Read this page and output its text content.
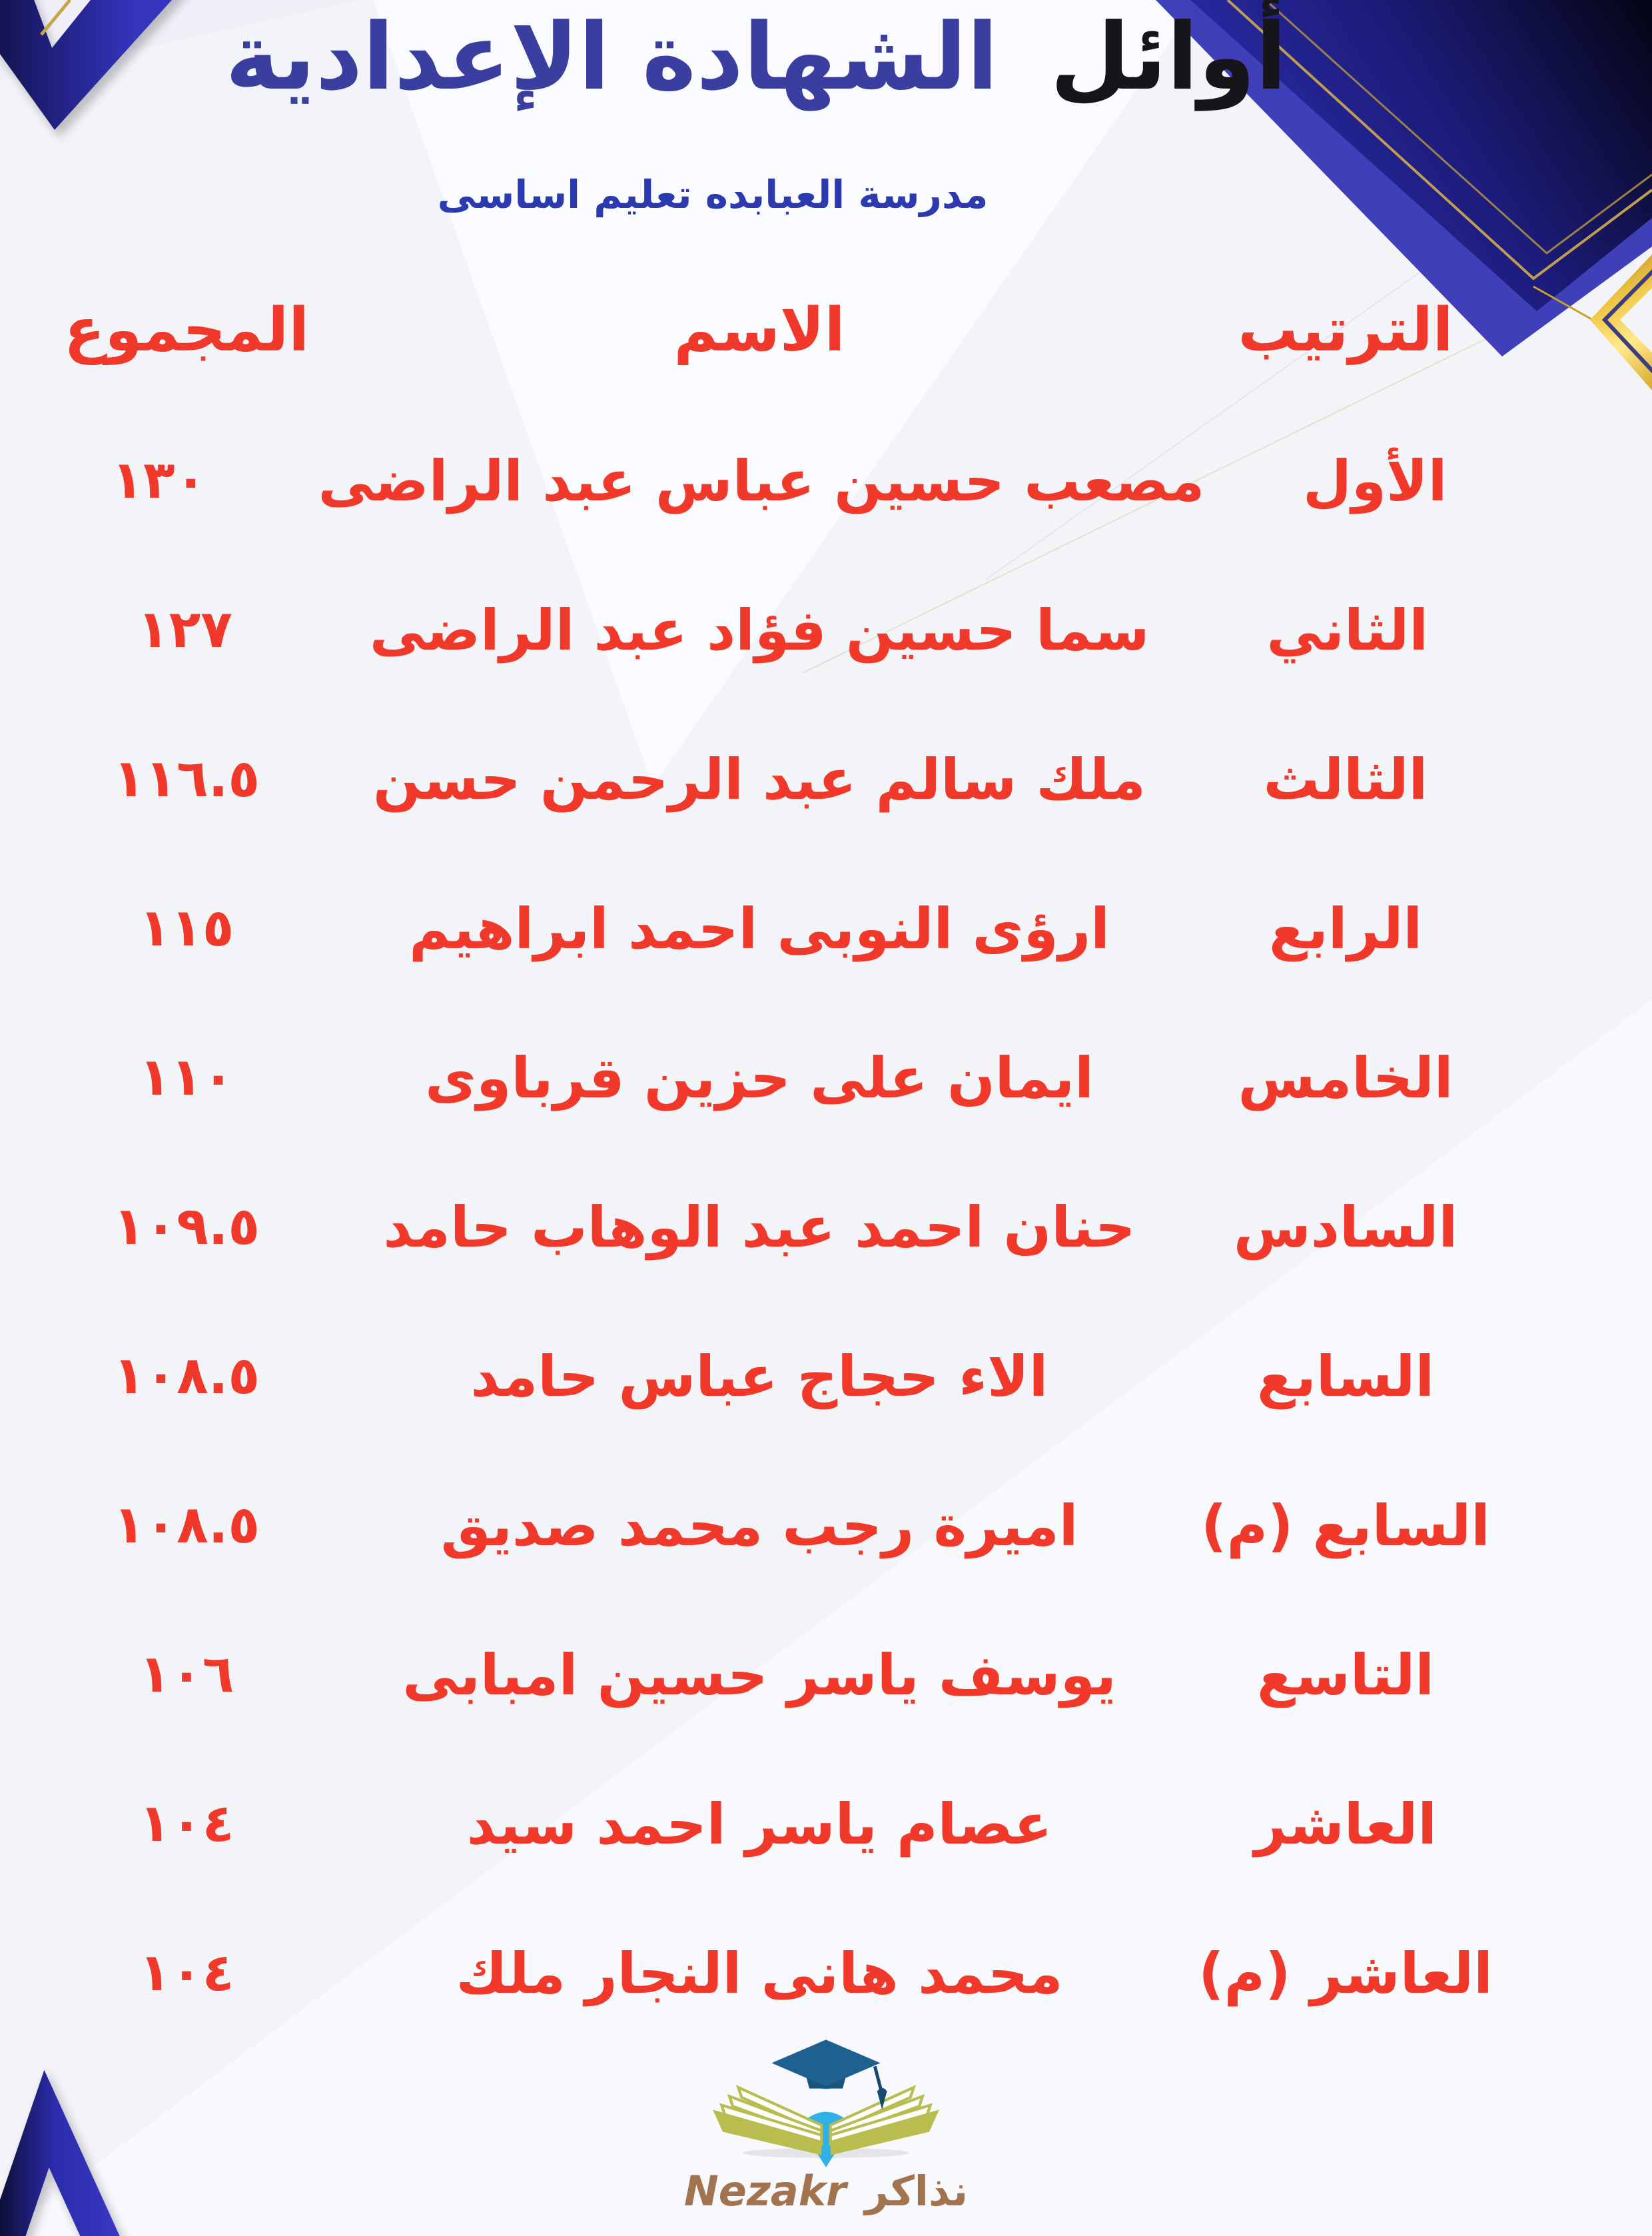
أوائل الشهادة الإعدادية
مدرسة العبابده تعليم اساسى
الترتيب
الاسم
المجموع
الأول
مصعب حسين عباس عبد الراضى
١٣٠
الثاني
سما حسين فؤاد عبد الراضى
١٢٧
الثالث
ملك سالم عبد الرحمن حسن
١١٦.٥
الرابع
ارؤى النوبى احمد ابراهيم
١١٥
الخامس
ايمان على حزين قرباوى
١١٠
السادس
حنان احمد عبد الوهاب حامد
١٠٩.٥
السابع
الاء حجاج عباس حامد
١٠٨.٥
السابع (م)
اميرة رجب محمد صديق
١٠٨.٥
التاسع
يوسف ياسر حسين امبابى
١٠٦
العاشر
عصام ياسر احمد سيد
١٠٤
العاشر (م)
محمد هانى النجار ملك
١٠٤
نذاكر Nezakr
